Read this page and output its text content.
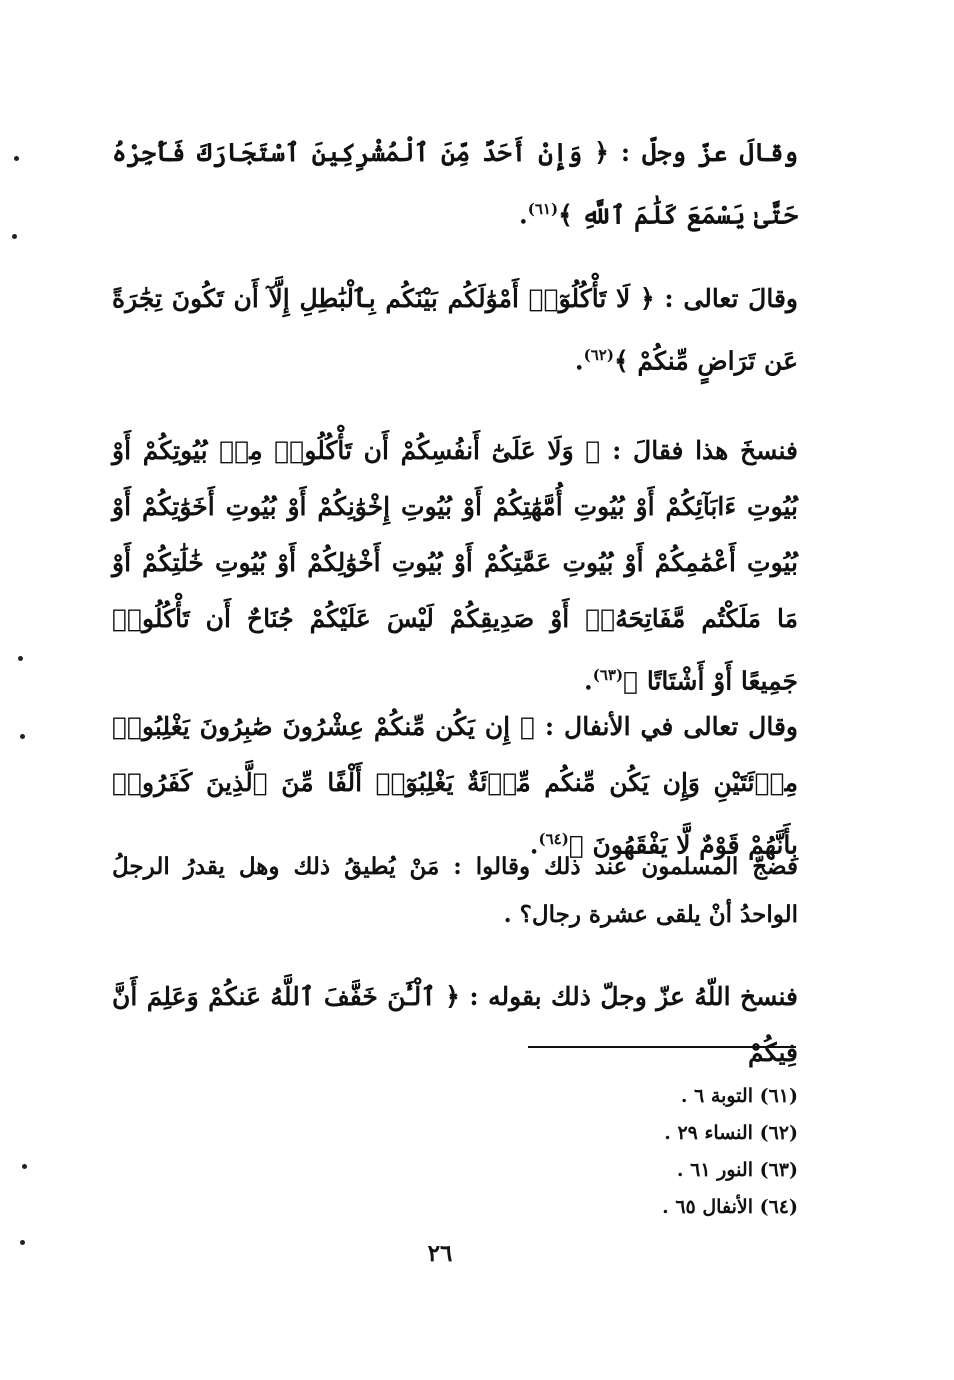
وقالَ عزّ وجلّ : ﴿ وَإِنْ أَحَدٌ مِّنَ ٱلْمُشْرِكِينَ ٱسْتَجَارَكَ فَأَجِرْهُ حَتَّىٰ يَسْمَعَ كَلَٰمَ ٱللَّهِ ﴾$^{(٦١)}$.

وقالَ تعالى : ﴿ لَا تَأْكُلُوٓا۟ أَمْوَٰلَكُم بَيْنَكُم بِٱلْبَٰطِلِ إِلَّآ أَن تَكُونَ تِجَٰرَةً عَن تَرَاضٍ مِّنكُمْ ﴾$^{(٦٢)}$.

فنسخَ هذا فقالَ : ﴿ وَلَا عَلَىٰٓ أَنفُسِكُمْ أَن تَأْكُلُوا۟ مِنۢ بُيُوتِكُمْ أَوْ بُيُوتِ ءَابَآئِكُمْ أَوْ بُيُوتِ أُمَّهَٰتِكُمْ أَوْ بُيُوتِ إِخْوَٰنِكُمْ أَوْ بُيُوتِ أَخَوَٰتِكُمْ أَوْ بُيُوتِ أَعْمَٰمِكُمْ أَوْ بُيُوتِ عَمَّٰتِكُمْ أَوْ بُيُوتِ أَخْوَٰلِكُمْ أَوْ بُيُوتِ خَٰلَٰتِكُمْ أَوْ مَا مَلَكْتُم مَّفَاتِحَهُۥٓ أَوْ صَدِيقِكُمْ لَيْسَ عَلَيْكُمْ جُنَاحٌ أَن تَأْكُلُوا۟ جَمِيعًا أَوْ أَشْتَاتًا ﴾$^{(٦٣)}$.

وقال تعالى في الأنفال : ﴿ إِن يَكُن مِّنكُمْ عِشْرُونَ صَٰبِرُونَ يَغْلِبُوا۟ مِا۟ئَتَيْنِ وَإِن يَكُن مِّنكُم مِّا۟ئَةٌ يَغْلِبُوٓا۟ أَلْفًا مِّنَ ٱلَّذِينَ كَفَرُوا۟ بِأَنَّهُمْ قَوْمٌ لَّا يَفْقَهُونَ ﴾$^{(٦٤)}$.

فضجّ المسلمون عند ذلك وقالوا : مَنْ يُطيقُ ذلك وهل يقدرُ الرجلُ الواحدُ أنْ يلقى عشرة رجال؟ .

فنسخ اللّهُ عزّ وجلّ ذلك بقوله : ﴿ ٱلْـَٰٔنَ خَفَّفَ ٱللَّهُ عَنكُمْ وَعَلِمَ أَنَّ فِيكُمْ

(٦١) التوبة ٦ .
(٦٢) النساء ٢٩ .
(٦٣) النور ٦١ .
(٦٤) الأنفال ٦٥ .
٢٦
